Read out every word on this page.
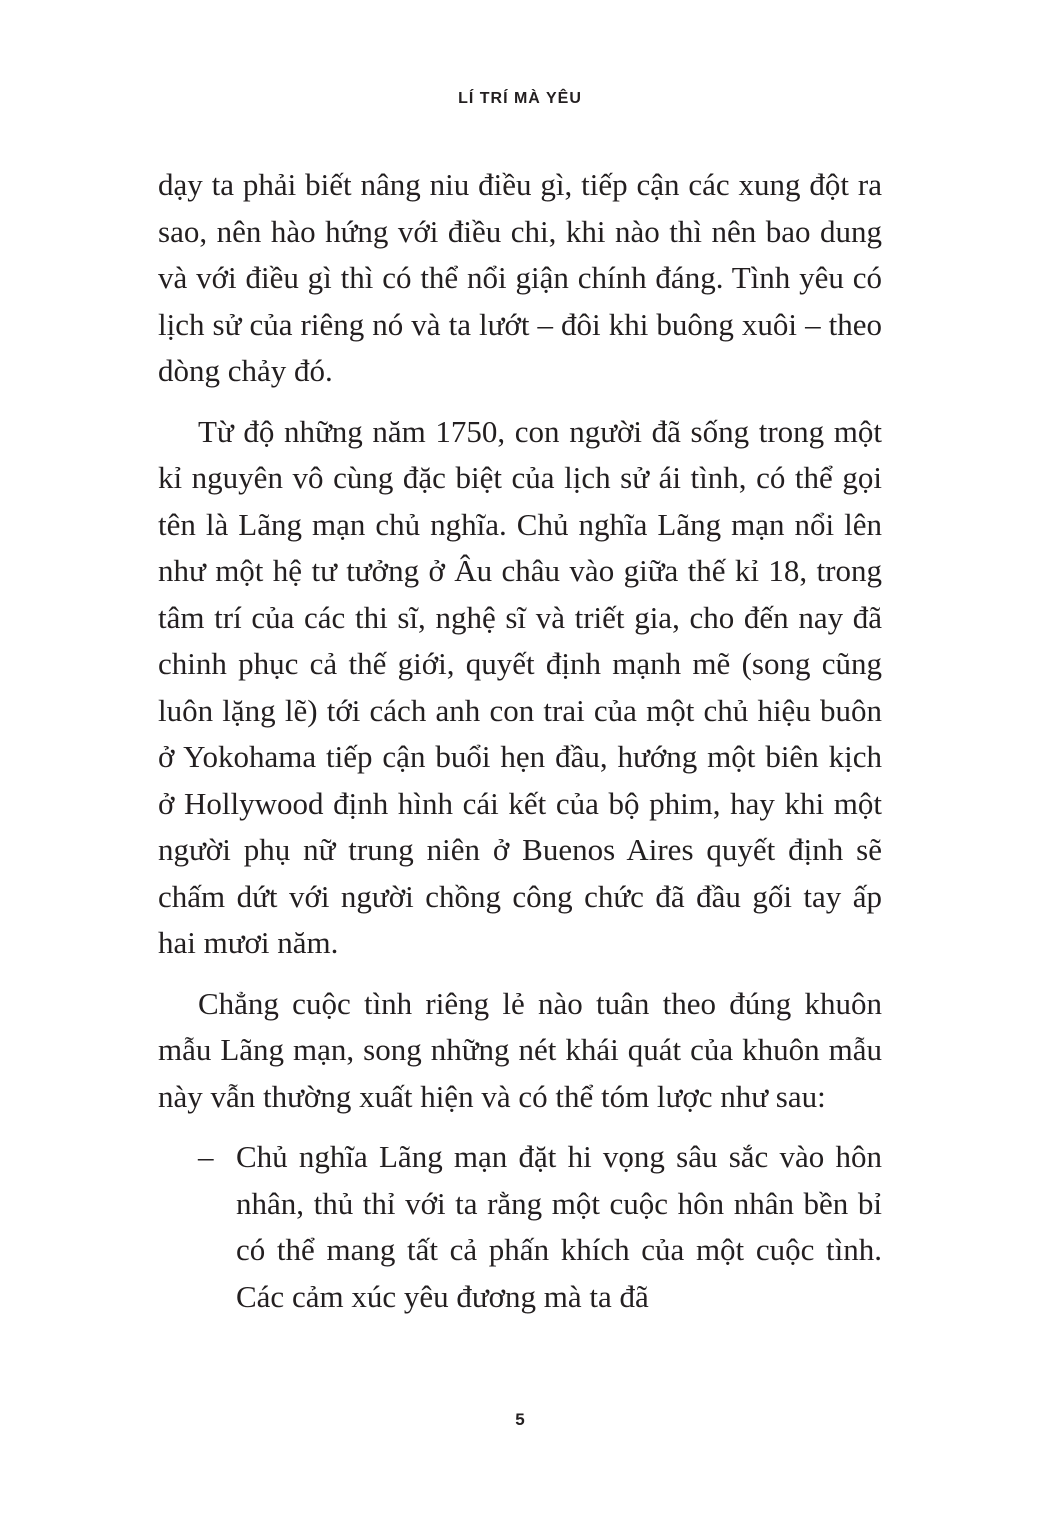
LÍ TRÍ MÀ YÊU

dạy ta phải biết nâng niu điều gì, tiếp cận các xung đột ra sao, nên hào hứng với điều chi, khi nào thì nên bao dung và với điều gì thì có thể nổi giận chính đáng. Tình yêu có lịch sử của riêng nó và ta lướt – đôi khi buông xuôi – theo dòng chảy đó.

Từ độ những năm 1750, con người đã sống trong một kỉ nguyên vô cùng đặc biệt của lịch sử ái tình, có thể gọi tên là Lãng mạn chủ nghĩa. Chủ nghĩa Lãng mạn nổi lên như một hệ tư tưởng ở Âu châu vào giữa thế kỉ 18, trong tâm trí của các thi sĩ, nghệ sĩ và triết gia, cho đến nay đã chinh phục cả thế giới, quyết định mạnh mẽ (song cũng luôn lặng lẽ) tới cách anh con trai của một chủ hiệu buôn ở Yokohama tiếp cận buổi hẹn đầu, hướng một biên kịch ở Hollywood định hình cái kết của bộ phim, hay khi một người phụ nữ trung niên ở Buenos Aires quyết định sẽ chấm dứt với người chồng công chức đã đầu gối tay ấp hai mươi năm.

Chẳng cuộc tình riêng lẻ nào tuân theo đúng khuôn mẫu Lãng mạn, song những nét khái quát của khuôn mẫu này vẫn thường xuất hiện và có thể tóm lược như sau:

– Chủ nghĩa Lãng mạn đặt hi vọng sâu sắc vào hôn nhân, thủ thỉ với ta rằng một cuộc hôn nhân bền bỉ có thể mang tất cả phấn khích của một cuộc tình. Các cảm xúc yêu đương mà ta đã
5
